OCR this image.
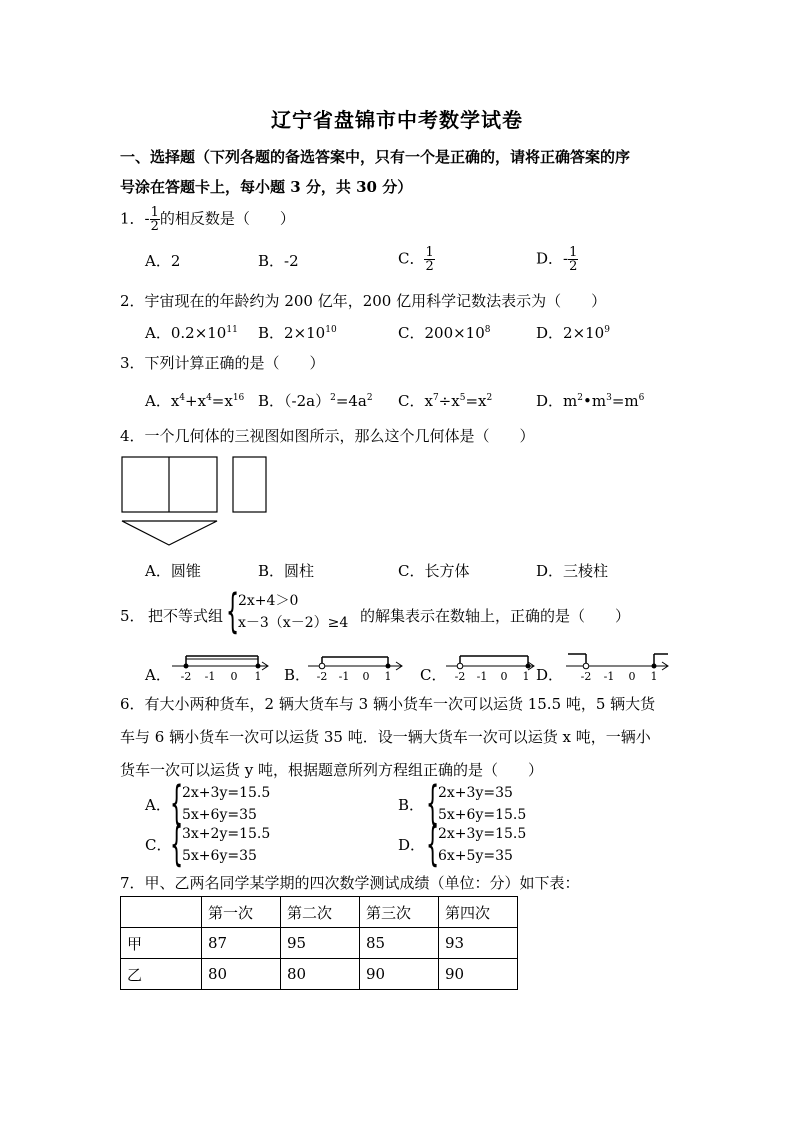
辽宁省盘锦市中考数学试卷
一、选择题（下列各题的备选答案中，只有一个是正确的，请将正确答案的序
号涂在答题卡上，每小题 3 分，共 30 分）
1．- $\frac{1}{2}$ 的相反数是（　　）
A．2	B．-2	C． $\frac{1}{2}$	D．- $\frac{1}{2}$
2．宇宙现在的年龄约为 200 亿年，200 亿用科学记数法表示为（　　）
A．$0.2\times 10^{11}$ B．$2\times 10^{10}$	C．$200\times 10^8$	D．$2\times 10^9$
3．下列计算正确的是（　　）
A．$x^4+x^4=x^{16}$ B．$(-2a)^2=4a^2$ C．$x^7\div x^5=x^2$	D．$m^2•m^3=m^6$
4．一个几何体的三视图如图所示，那么这个几何体是（　　）
A．圆锥	B．圆柱	C．长方体	D．三棱柱
5． 把不等式组 {
2x+4＞0
x－3（x－2）≥4 的解集表示在数轴上，正确的是（　　）
A．	B．	C．	D．
-2 -1 0 1	-2 -1 0 1	-2 -1 0 1	-2 -1 0 1
6．有大小两种货车，2 辆大货车与 3 辆小货车一次可以运货 15.5 吨，5 辆大货
车与 6 辆小货车一次可以运货 35 吨．设一辆大货车一次可以运货 x 吨，一辆小
货车一次可以运货 y 吨，根据题意所列方程组正确的是（　　）
A． {
2x+3y=15.5
5x+6y=35
B． {
2x+3y=35
5x+6y=15.5
C．
{
3x+2y=15.5
5x+6y=35
D． {
2x+3y=15.5
6x+5y=35
7．甲、乙两名同学某学期的四次数学测试成绩（单位：分）如下表：
	第一次	第二次	第三次	第四次
甲	87	95	85	93
乙	80	80	90	90
